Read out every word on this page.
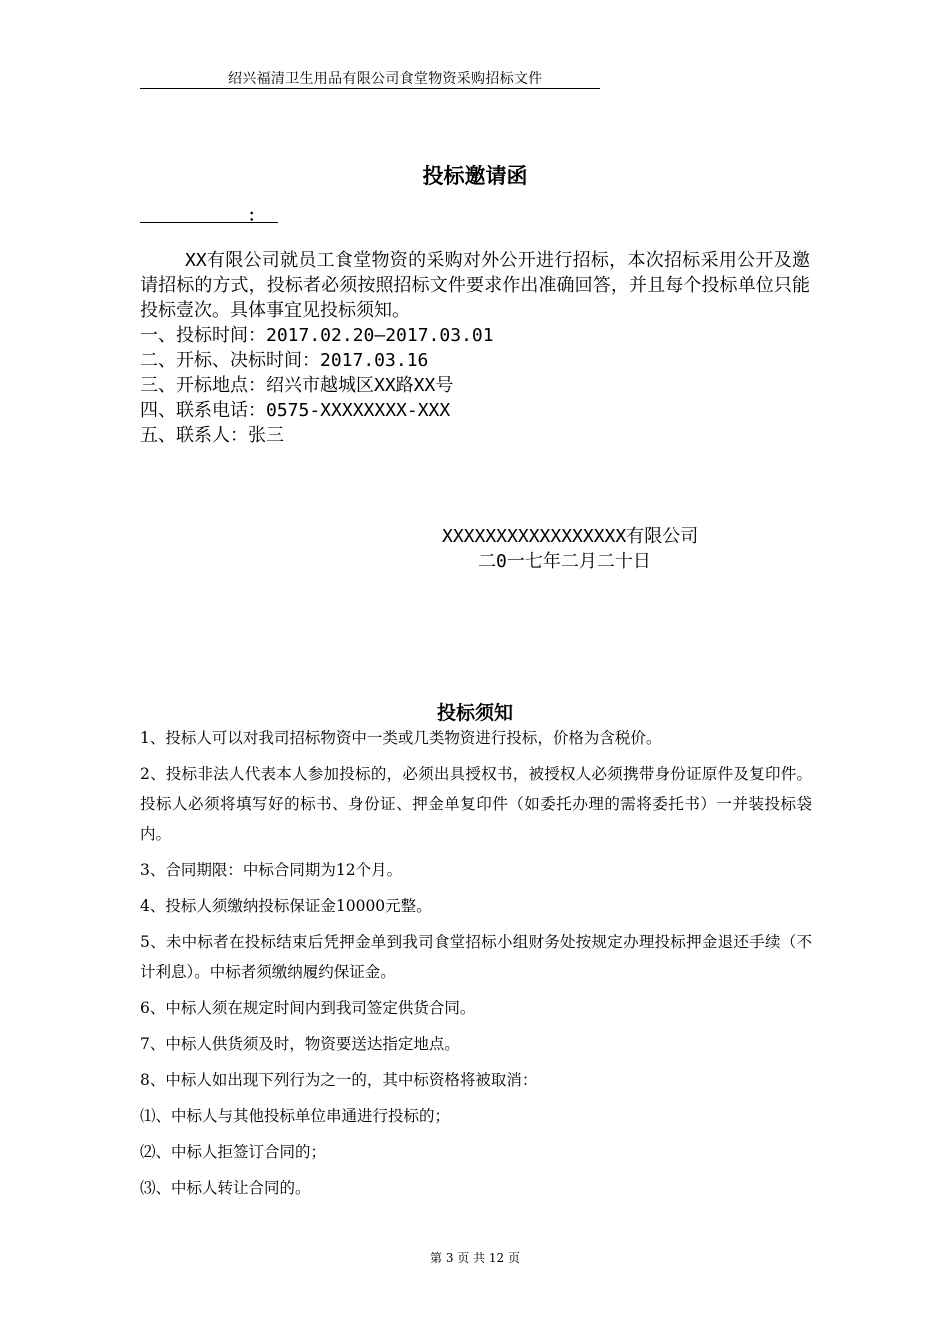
绍兴福清卫生用品有限公司食堂物资采购招标文件
投标邀请函
：

XX有限公司就员工食堂物资的采购对外公开进行招标，本次招标采用公开及邀请招标的方式，投标者必须按照招标文件要求作出准确回答，并且每个投标单位只能投标壹次。具体事宜见投标须知。

一、投标时间：2017.02.20—2017.03.01

二、开标、决标时间：2017.03.16

三、开标地点：绍兴市越城区XX路XX号

四、联系电话：0575-XXXXXXXX-XXX

五、联系人：张三

XXXXXXXXXXXXXXXXX有限公司
二0一七年二月二十日
投标须知

1、投标人可以对我司招标物资中一类或几类物资进行投标，价格为含税价。

2、投标非法人代表本人参加投标的，必须出具授权书，被授权人必须携带身份证原件及复印件。投标人必须将填写好的标书、身份证、押金单复印件（如委托办理的需将委托书）一并装投标袋内。

3、合同期限：中标合同期为12个月。

4、投标人须缴纳投标保证金10000元整。

5、未中标者在投标结束后凭押金单到我司食堂招标小组财务处按规定办理投标押金退还手续（不计利息）。中标者须缴纳履约保证金。

6、中标人须在规定时间内到我司签定供货合同。

7、中标人供货须及时，物资要送达指定地点。

8、中标人如出现下列行为之一的，其中标资格将被取消：

⑴、中标人与其他投标单位串通进行投标的；

⑵、中标人拒签订合同的；

⑶、中标人转让合同的。

第 3 页 共 12 页
